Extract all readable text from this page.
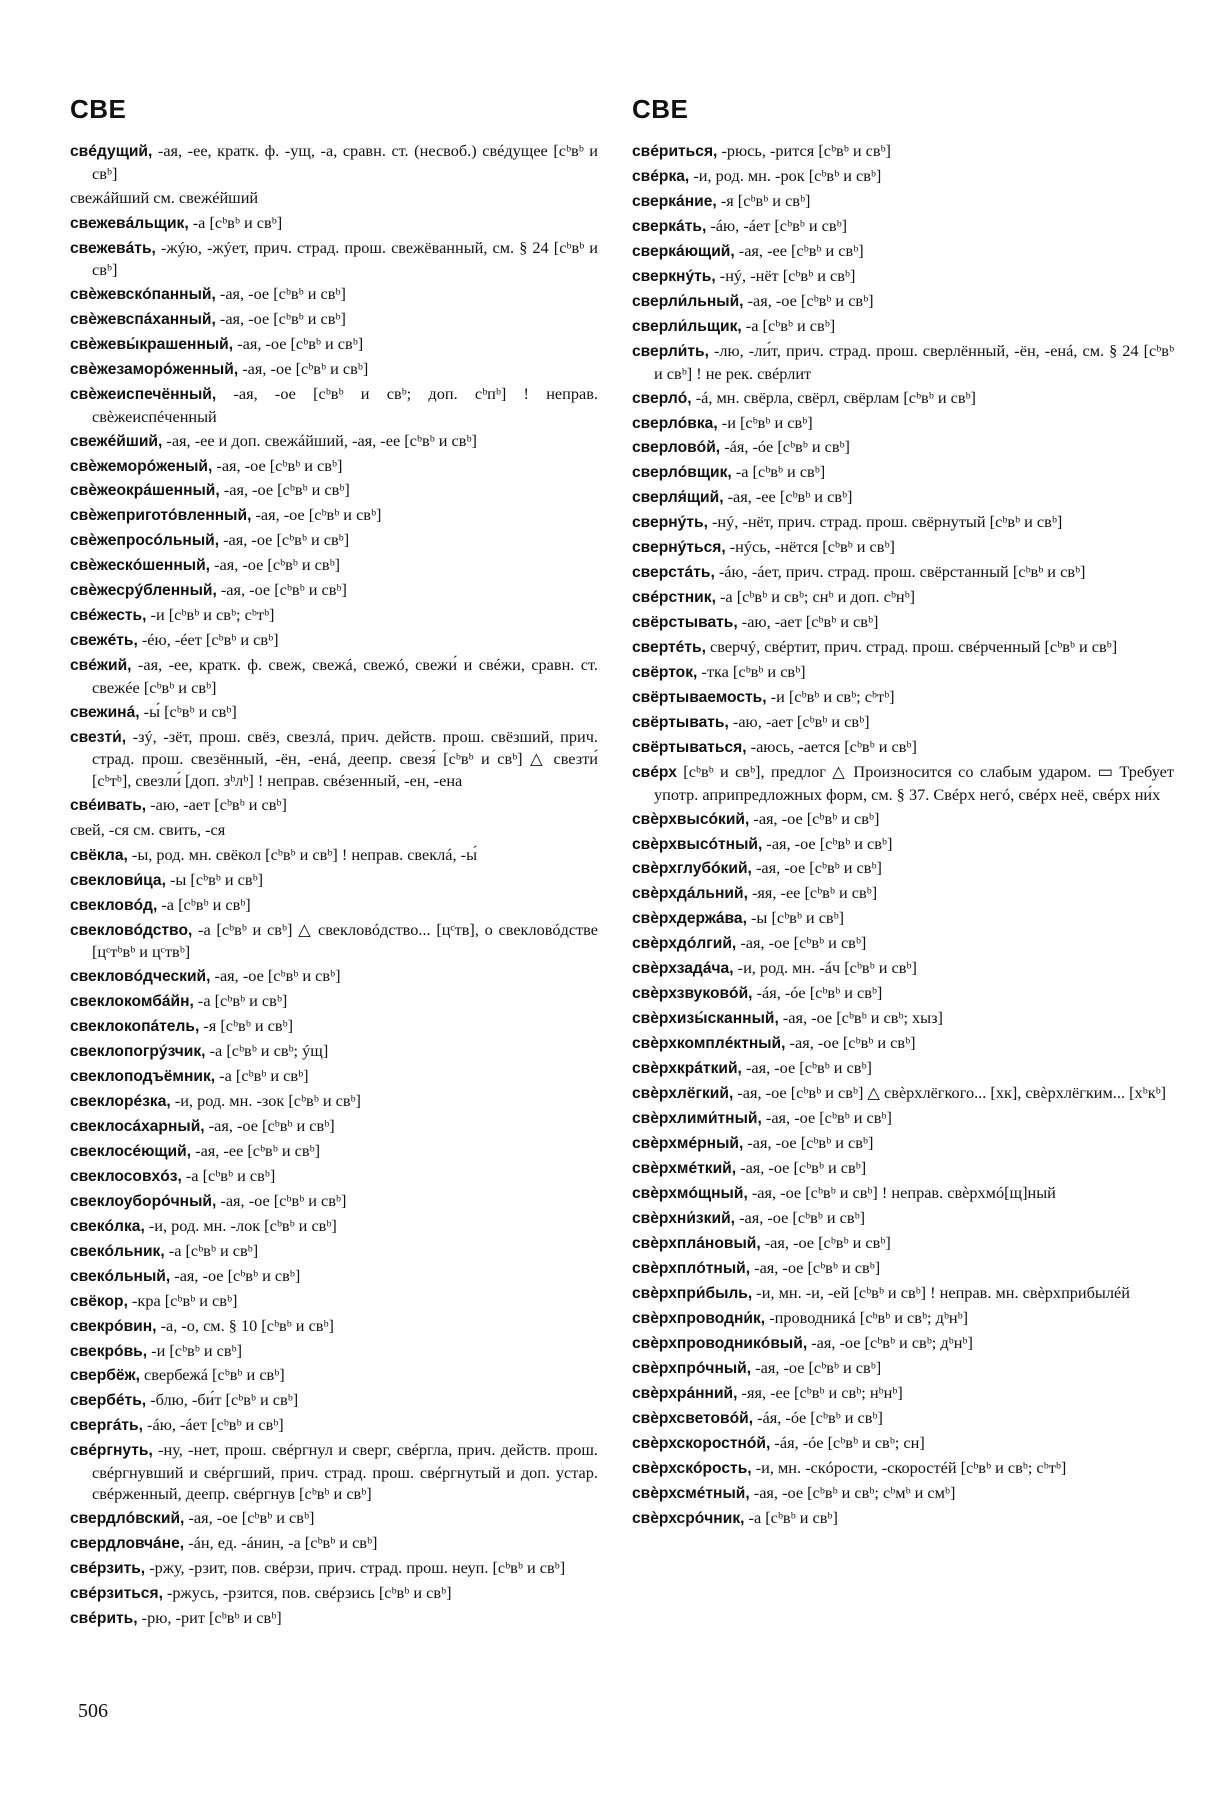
СВЕ
свéдущий, -ая, -ее, кратк. ф. -ущ, -а, сравн. ст. (несвоб.) свéдущее [сᵇвᵇ и свᵇ]
свежáйший см. свежéйший
свежевáльщик, -а [сᵇвᵇ и свᵇ]
свежевáть, -жýю, -жýет, прич. страд. прош. свежёванный, см. § 24 [сᵇвᵇ и свᵇ]
свѐжевскóпанный, -ая, -ое [сᵇвᵇ и свᵇ]
свѐжевспáханный, -ая, -ое [сᵇвᵇ и свᵇ]
свѐжевы́крашенный, -ая, -ое [сᵇвᵇ и свᵇ]
свѐжезаморóженный, -ая, -ое [сᵇвᵇ и свᵇ]
свѐжеиспечённый, -ая, -ое [сᵇвᵇ и свᵇ; доп. сᵇпᵇ] ! неправ. свѐжеиспéченный
свежéйший, -ая, -ее и доп. свежáйший, -ая, -ее [сᵇвᵇ и свᵇ]
свѐжеморóженый, -ая, -ое [сᵇвᵇ и свᵇ]
свѐжеокрáшенный, -ая, -ое [сᵇвᵇ и свᵇ]
свѐжеприготóвленный, -ая, -ое [сᵇвᵇ и свᵇ]
свѐжепросóльный, -ая, -ое [сᵇвᵇ и свᵇ]
свѐжескóшенный, -ая, -ое [сᵇвᵇ и свᵇ]
свѐжесрýбленный, -ая, -ое [сᵇвᵇ и свᵇ]
свéжесть, -и [сᵇвᵇ и свᵇ; сᵇтᵇ]
свежéть, -éю, -éет [сᵇвᵇ и свᵇ]
свéжий, -ая, -ее, кратк. ф. свеж, свежá, свежó, свежи́ и свéжи, сравн. ст. свежéе [сᵇвᵇ и свᵇ]
свежинá, -ы́ [сᵇвᵇ и свᵇ]
свезти́, -зý, -зёт, прош. свёз, свезлá, прич. действ. прош. свёзший, прич. страд. прош. свезённый, -ён, -енá, деепр. свезя́ [сᵇвᵇ и свᵇ] △ свезти́ [сᵇтᵇ], свезли́ [доп. зᵇлᵇ] ! неправ. свéзенный, -ен, -ена
свéивать, -аю, -ает [сᵇвᵇ и свᵇ]
свей, -ся см. свить, -ся
свёкла, -ы, род. мн. свёкол [сᵇвᵇ и свᵇ] ! неправ. свеклá, -ы́
свеклови́ца, -ы [сᵇвᵇ и свᵇ]
свекловóд, -а [сᵇвᵇ и свᵇ]
свекловóдство, -а [сᵇвᵇ и свᵇ] △ свекловóдство... [цᶜтв], о свекловóдстве [цᶜтᵇвᵇ и цᶜтвᵇ]
свекловóдческий, -ая, -ое [сᵇвᵇ и свᵇ]
свеклокомбáйн, -а [сᵇвᵇ и свᵇ]
свеклокопáтель, -я [сᵇвᵇ и свᵇ]
свеклопогрýзчик, -а [сᵇвᵇ и свᵇ; ýщ]
свеклоподъёмник, -а [сᵇвᵇ и свᵇ]
свеклорéзка, -и, род. мн. -зок [сᵇвᵇ и свᵇ]
свеклосáхарный, -ая, -ое [сᵇвᵇ и свᵇ]
свеклосéющий, -ая, -ее [сᵇвᵇ и свᵇ]
свеклосовхóз, -а [сᵇвᵇ и свᵇ]
свеклоуборóчный, -ая, -ое [сᵇвᵇ и свᵇ]
свекóлка, -и, род. мн. -лок [сᵇвᵇ и свᵇ]
свекóльник, -а [сᵇвᵇ и свᵇ]
свекóльный, -ая, -ое [сᵇвᵇ и свᵇ]
свёкор, -кра [сᵇвᵇ и свᵇ]
свекрóвин, -а, -о, см. § 10 [сᵇвᵇ и свᵇ]
свекрóвь, -и [сᵇвᵇ и свᵇ]
свербёж, свербежá [сᵇвᵇ и свᵇ]
свербéть, -блю, -би́т [сᵇвᵇ и свᵇ]
свергáть, -áю, -áет [сᵇвᵇ и свᵇ]
свéргнуть, -ну, -нет, прош. свéргнул и сверг, свéргла, прич. действ. прош. свéргнувший и свéргший, прич. страд. прош. свéргнутый и доп. устар. свéрженный, деепр. свéргнув [сᵇвᵇ и свᵇ]
свердлóвский, -ая, -ое [сᵇвᵇ и свᵇ]
свердловчáне, -áн, ед. -áнин, -а [сᵇвᵇ и свᵇ]
свéрзить, -ржу, -рзит, пов. свéрзи, прич. страд. прош. неуп. [сᵇвᵇ и свᵇ]
свéрзиться, -ржусь, -рзится, пов. свéрзись [сᵇвᵇ и свᵇ]
свéрить, -рю, -рит [сᵇвᵇ и свᵇ]
СВЕ
свéриться, -рюсь, -рится [сᵇвᵇ и свᵇ]
свéрка, -и, род. мн. -рок [сᵇвᵇ и свᵇ]
сверкáние, -я [сᵇвᵇ и свᵇ]
сверкáть, -áю, -áет [сᵇвᵇ и свᵇ]
сверкáющий, -ая, -ее [сᵇвᵇ и свᵇ]
сверкнýть, -нý, -нёт [сᵇвᵇ и свᵇ]
сверли́льный, -ая, -ое [сᵇвᵇ и свᵇ]
сверли́льщик, -а [сᵇвᵇ и свᵇ]
сверли́ть, -лю, -ли́т, прич. страд. прош. сверлённый, -ён, -енá, см. § 24 [сᵇвᵇ и свᵇ] ! не рек. свéрлит
сверлó, -á, мн. свёрла, свёрл, свёрлам [сᵇвᵇ и свᵇ]
сверлóвка, -и [сᵇвᵇ и свᵇ]
сверловóй, -áя, -óе [сᵇвᵇ и свᵇ]
сверлóвщик, -а [сᵇвᵇ и свᵇ]
сверля́щий, -ая, -ее [сᵇвᵇ и свᵇ]
свернýть, -нý, -нёт, прич. страд. прош. свёрнутый [сᵇвᵇ и свᵇ]
свернýться, -нýсь, -нётся [сᵇвᵇ и свᵇ]
сверстáть, -áю, -áет, прич. страд. прош. свёрстанный [сᵇвᵇ и свᵇ]
свéрстник, -а [сᵇвᵇ и свᵇ; снᵇ и доп. сᵇнᵇ]
свёрстывать, -аю, -ает [сᵇвᵇ и свᵇ]
свертéть, сверчý, свéртит, прич. страд. прош. свéрченный [сᵇвᵇ и свᵇ]
свёрток, -тка [сᵇвᵇ и свᵇ]
свёртываемость, -и [сᵇвᵇ и свᵇ; сᵇтᵇ]
свёртывать, -аю, -ает [сᵇвᵇ и свᵇ]
свёртываться, -аюсь, -ается [сᵇвᵇ и свᵇ]
свéрх [сᵇвᵇ и свᵇ], предлог △ Произносится со слабым ударом. ▭ Требует употр. априпредложных форм, см. § 37. Свéрх негó, свéрх неё, свéрх ни́х
свѐрхвысóкий, -ая, -ое [сᵇвᵇ и свᵇ]
свѐрхвысóтный, -ая, -ое [сᵇвᵇ и свᵇ]
свѐрхглубóкий, -ая, -ое [сᵇвᵇ и свᵇ]
свѐрхдáльний, -яя, -ее [сᵇвᵇ и свᵇ]
свѐрхдержáва, -ы [сᵇвᵇ и свᵇ]
свѐрхдóлгий, -ая, -ое [сᵇвᵇ и свᵇ]
свѐрхзадáча, -и, род. мн. -áч [сᵇвᵇ и свᵇ]
свѐрхзвуковóй, -áя, -óе [сᵇвᵇ и свᵇ]
свѐрхизы́сканный, -ая, -ое [сᵇвᵇ и свᵇ; хыз]
свѐрхкомплéктный, -ая, -ое [сᵇвᵇ и свᵇ]
свѐрхкрáткий, -ая, -ое [сᵇвᵇ и свᵇ]
свѐрхлёгкий, -ая, -ое [сᵇвᵇ и свᵇ] △ свѐрхлёгкого... [хк], свѐрхлёгким... [хᵇкᵇ]
свѐрхлими́тный, -ая, -ое [сᵇвᵇ и свᵇ]
свѐрхмéрный, -ая, -ое [сᵇвᵇ и свᵇ]
свѐрхмéткий, -ая, -ое [сᵇвᵇ и свᵇ]
свѐрхмóщный, -ая, -ое [сᵇвᵇ и свᵇ] ! неправ. свѐрхмó[щ]ный
свѐрхни́зкий, -ая, -ое [сᵇвᵇ и свᵇ]
свѐрхплáновый, -ая, -ое [сᵇвᵇ и свᵇ]
свѐрхплóтный, -ая, -ое [сᵇвᵇ и свᵇ]
свѐрхпри́быль, -и, мн. -и, -ей [сᵇвᵇ и свᵇ] ! неправ. мн. свѐрхприбылéй
свѐрхпроводни́к, -проводникá [сᵇвᵇ и свᵇ; дᵇнᵇ]
свѐрхпроводникóвый, -ая, -ое [сᵇвᵇ и свᵇ; дᵇнᵇ]
свѐрхпрóчный, -ая, -ое [сᵇвᵇ и свᵇ]
свѐрхрáнний, -яя, -ее [сᵇвᵇ и свᵇ; нᵇнᵇ]
свѐрхсветовóй, -áя, -óе [сᵇвᵇ и свᵇ]
свѐрхскоростнóй, -áя, -óе [сᵇвᵇ и свᵇ; сн]
свѐрхскóрость, -и, мн. -скóрости, -скоростéй [сᵇвᵇ и свᵇ; сᵇтᵇ]
свѐрхсмéтный, -ая, -ое [сᵇвᵇ и свᵇ; сᵇмᵇ и смᵇ]
свѐрхсрóчник, -а [сᵇвᵇ и свᵇ]
506
